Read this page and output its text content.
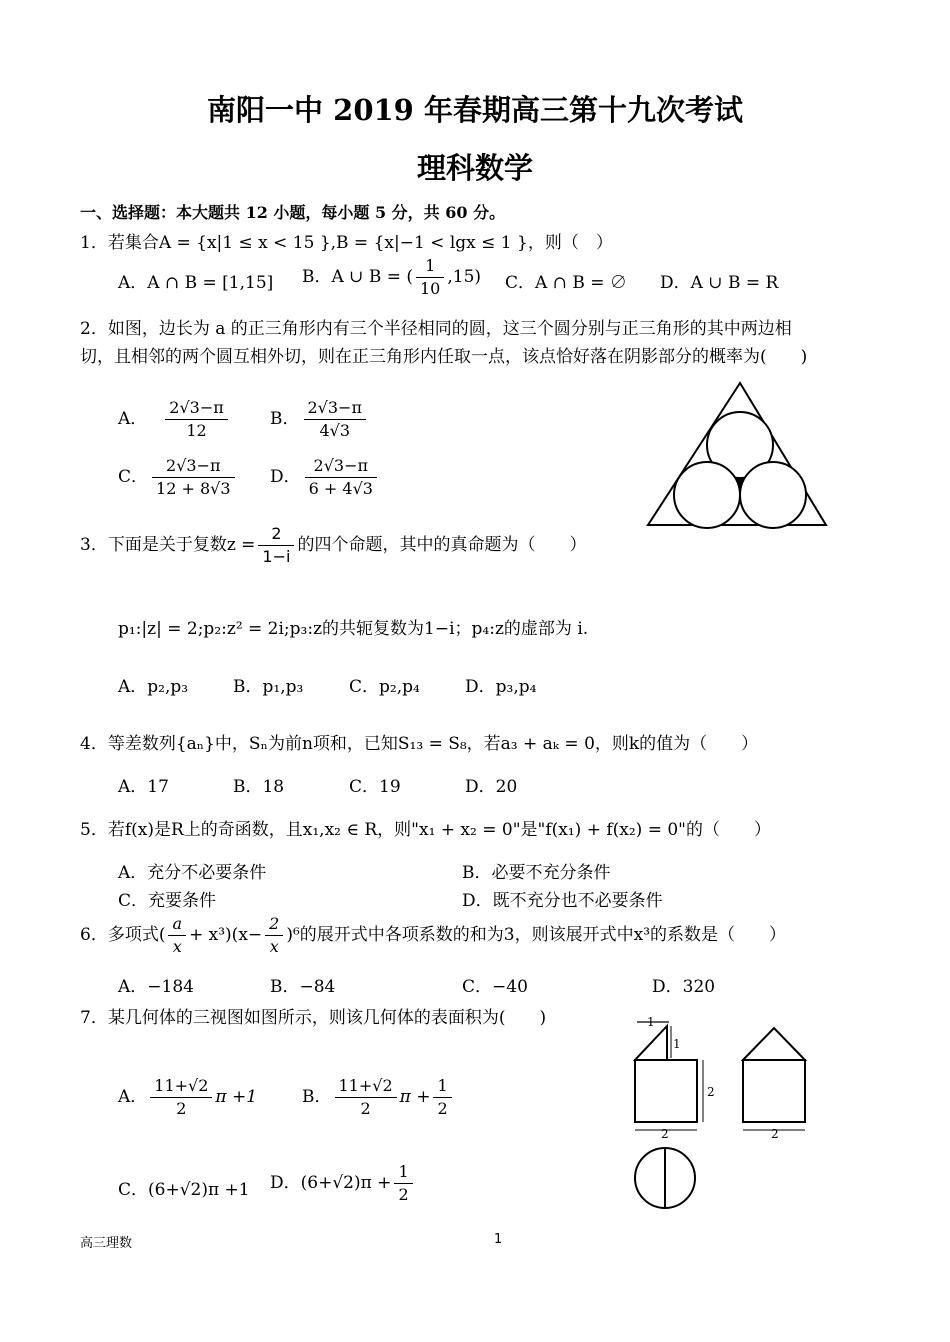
南阳一中 2019 年春期高三第十九次考试
理科数学
一、选择题：本大题共 12 小题，每小题 5 分，共 60 分。
1．若集合A = {x|1 ≤ x < 15 },B = {x|−1 < lgx ≤ 1 }，则（　）
A．A ∩ B = [1,15] B．A ∪ B = ( $\frac{1}{10} ,15$) C．A ∩ B = ∅ D．A ∪ B = R
2．如图，边长为 a 的正三角形内有三个半径相同的圆，这三个圆分别与正三角形的其中两边相
切，且相邻的两个圆互相外切，则在正三角形内任取一点，该点恰好落在阴影部分的概率为(　　)
A． $\frac{2√3-\pi}{12}$ B． $\frac{2√3-\pi}{4√3}$
C． $\frac{2√3-\pi}{12 + 8√3}$ D． $\frac{2√3-\pi}{6 + 4√3}$
3．下面是关于复数$z = \frac{2}{1-i}$ 的四个命题，其中的真命题为（　　）
p₁:|z| = 2;p₂:z² = 2i;p₃:z的共轭复数为1−i；p₄:z的虚部为 i.
A．p₂,p₃	B．p₁,p₃	C．p₂,p₄	D．p₃,p₄
4．等差数列{aₙ}中，Sₙ为前n项和，已知S₁₃ = S₈，若a₃ + aₖ = 0，则k的值为（　　）
A．17	B．18	C．19	D．20
5．若f(x)是R上的奇函数，且x₁,x₂ ∈ R，则"x₁ + x₂ = 0"是"f(x₁) + f(x₂) = 0"的（　　）
A．充分不必要条件	B．必要不充分条件
C．充要条件	D．既不充分也不必要条件
6．多项式( $\frac{a}{x} + x^3)(x- \frac{2}{x} )^6$的展开式中各项系数的和为3，则该展开式中x³的系数是（　　）
A．−184	B．−84	C．−40	D．320
7．某几何体的三视图如图所示，则该几何体的表面积为(　　)
A． $\frac{11+√2}{2}$ π +1	B． $\frac{11+√2}{2}$ $\pi + \frac{1}{2}$
C．(6+√2)π +1 D．$(6+√2)\pi + \frac{1}{2}$
1
1
2
2	2
高三理数	1
